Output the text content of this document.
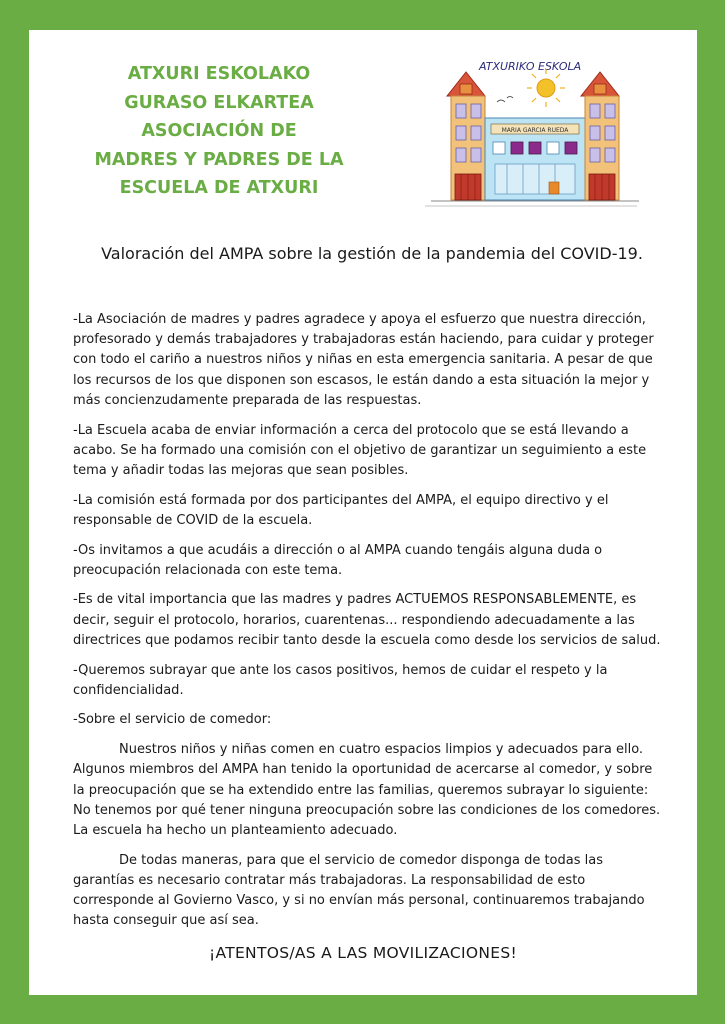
ATXURI ESKOLAKO
GURASO ELKARTEA
ASOCIACIÓN DE
MADRES Y PADRES DE LA
ESCUELA DE ATXURI
ATXURIKO ESKOLA
MARIA GARCIA RUEDA
Valoración del AMPA sobre la gestión de la pandemia del COVID-19.

-La Asociación de madres y padres agradece y apoya el esfuerzo que nuestra dirección, profesorado y demás trabajadores y trabajadoras están haciendo, para cuidar y proteger con todo el cariño a nuestros niños y niñas en esta emergencia sanitaria. A pesar de que los recursos de los que disponen son escasos, le están dando a esta situación la mejor y más concienzudamente preparada de las respuestas.

-La Escuela acaba de enviar información a cerca del protocolo que se está llevando a acabo. Se ha formado una comisión con el objetivo de garantizar un seguimiento a este tema y añadir todas las mejoras que sean posibles.

-La comisión está formada por dos participantes del AMPA, el equipo directivo y el responsable de COVID de la escuela.

-Os invitamos a que acudáis a dirección o al AMPA cuando tengáis alguna duda o preocupación relacionada con este tema.

-Es de vital importancia que las madres y padres ACTUEMOS RESPONSABLEMENTE, es decir, seguir el protocolo, horarios, cuarentenas... respondiendo adecuadamente a las directrices que podamos recibir tanto desde la escuela como desde los servicios de salud.

-Queremos subrayar que ante los casos positivos, hemos de cuidar el respeto y la confidencialidad.

-Sobre el servicio de comedor:

Nuestros niños y niñas comen en cuatro espacios limpios y adecuados para ello. Algunos miembros del AMPA han tenido la oportunidad de acercarse al comedor, y sobre la preocupación que se ha extendido entre las familias, queremos subrayar lo siguiente: No tenemos por qué tener ninguna preocupación sobre las condiciones de los comedores. La escuela ha hecho un planteamiento adecuado.

De todas maneras, para que el servicio de comedor disponga de todas las garantías es necesario contratar más trabajadoras. La responsabilidad de esto corresponde al Govierno Vasco, y si no envían más personal, continuaremos trabajando hasta conseguir que así sea.

¡ATENTOS/AS A LAS MOVILIZACIONES!
